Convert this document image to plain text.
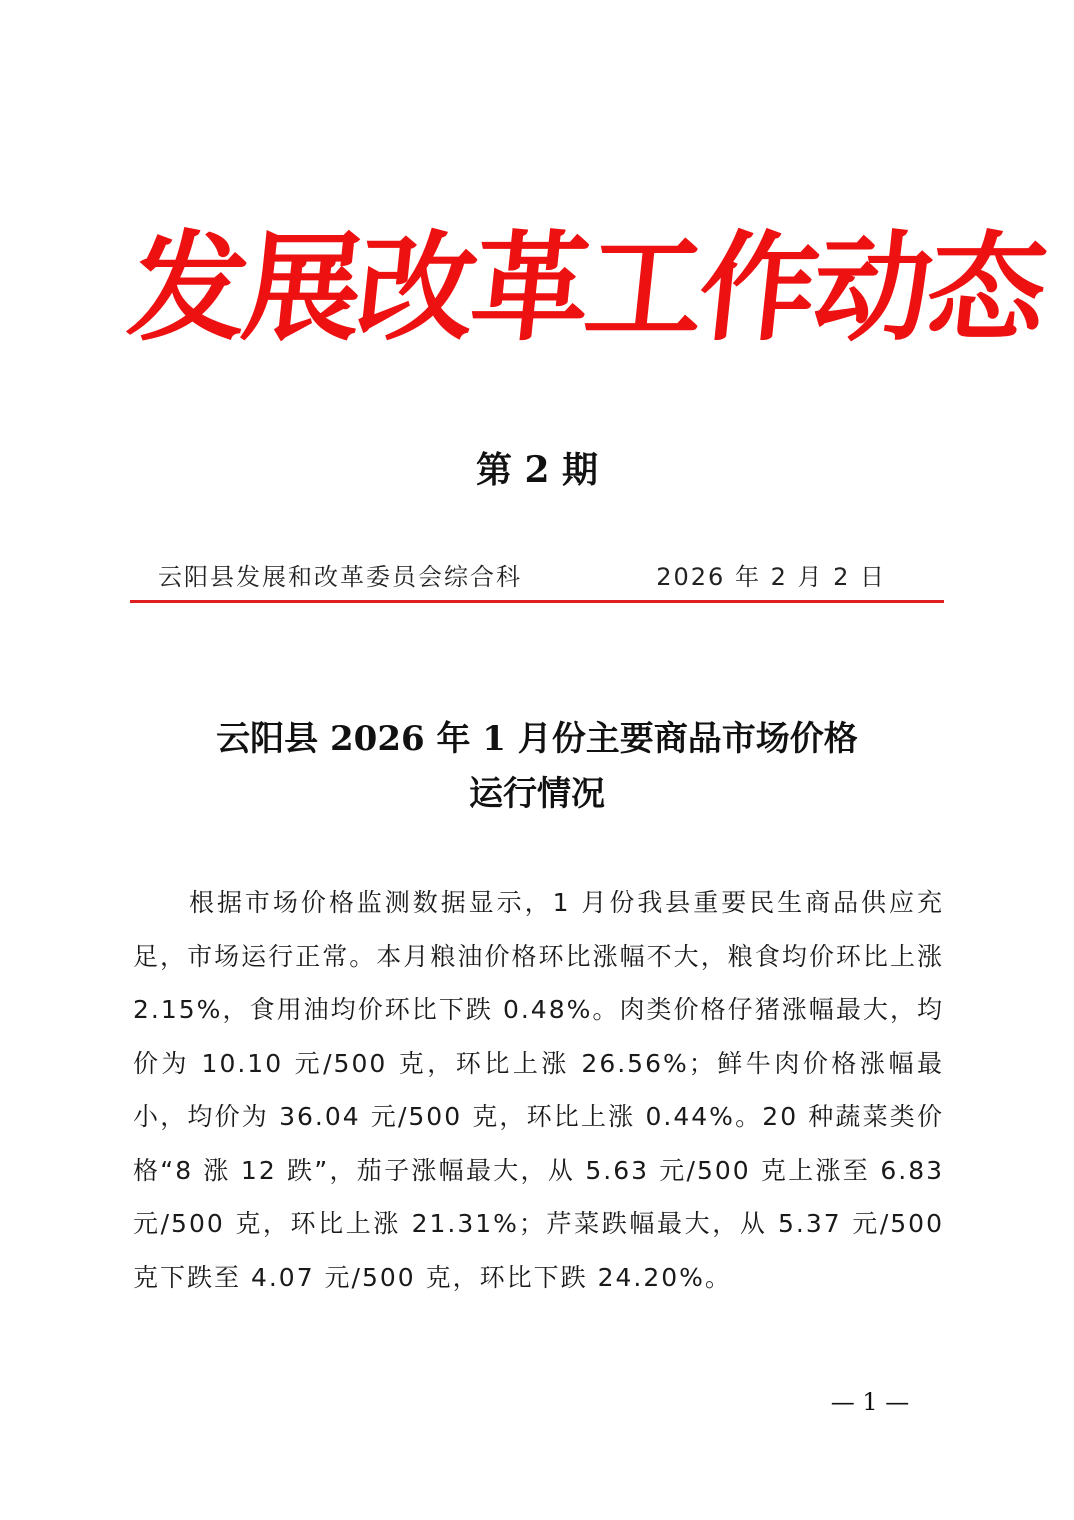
发展改革工作动态
第 2 期
云阳县发展和改革委员会综合科	2026 年 2 月 2 日
云阳县 2026 年 1 月份主要商品市场价格
运行情况

根据市场价格监测数据显示，1 月份我县重要民生商品供应充足，市场运行正常。本月粮油价格环比涨幅不大，粮食均价环比上涨 2.15%，食用油均价环比下跌 0.48%。肉类价格仔猪涨幅最大，均价为 10.10 元/500 克，环比上涨 26.56%；鲜牛肉价格涨幅最小，均价为 36.04 元/500 克，环比上涨 0.44%。20 种蔬菜类价格“8 涨 12 跌”，茄子涨幅最大，从 5.63 元/500 克上涨至 6.83 元/500 克，环比上涨 21.31%；芹菜跌幅最大，从 5.37 元/500 克下跌至 4.07 元/500 克，环比下跌 24.20%。

— 1 —
